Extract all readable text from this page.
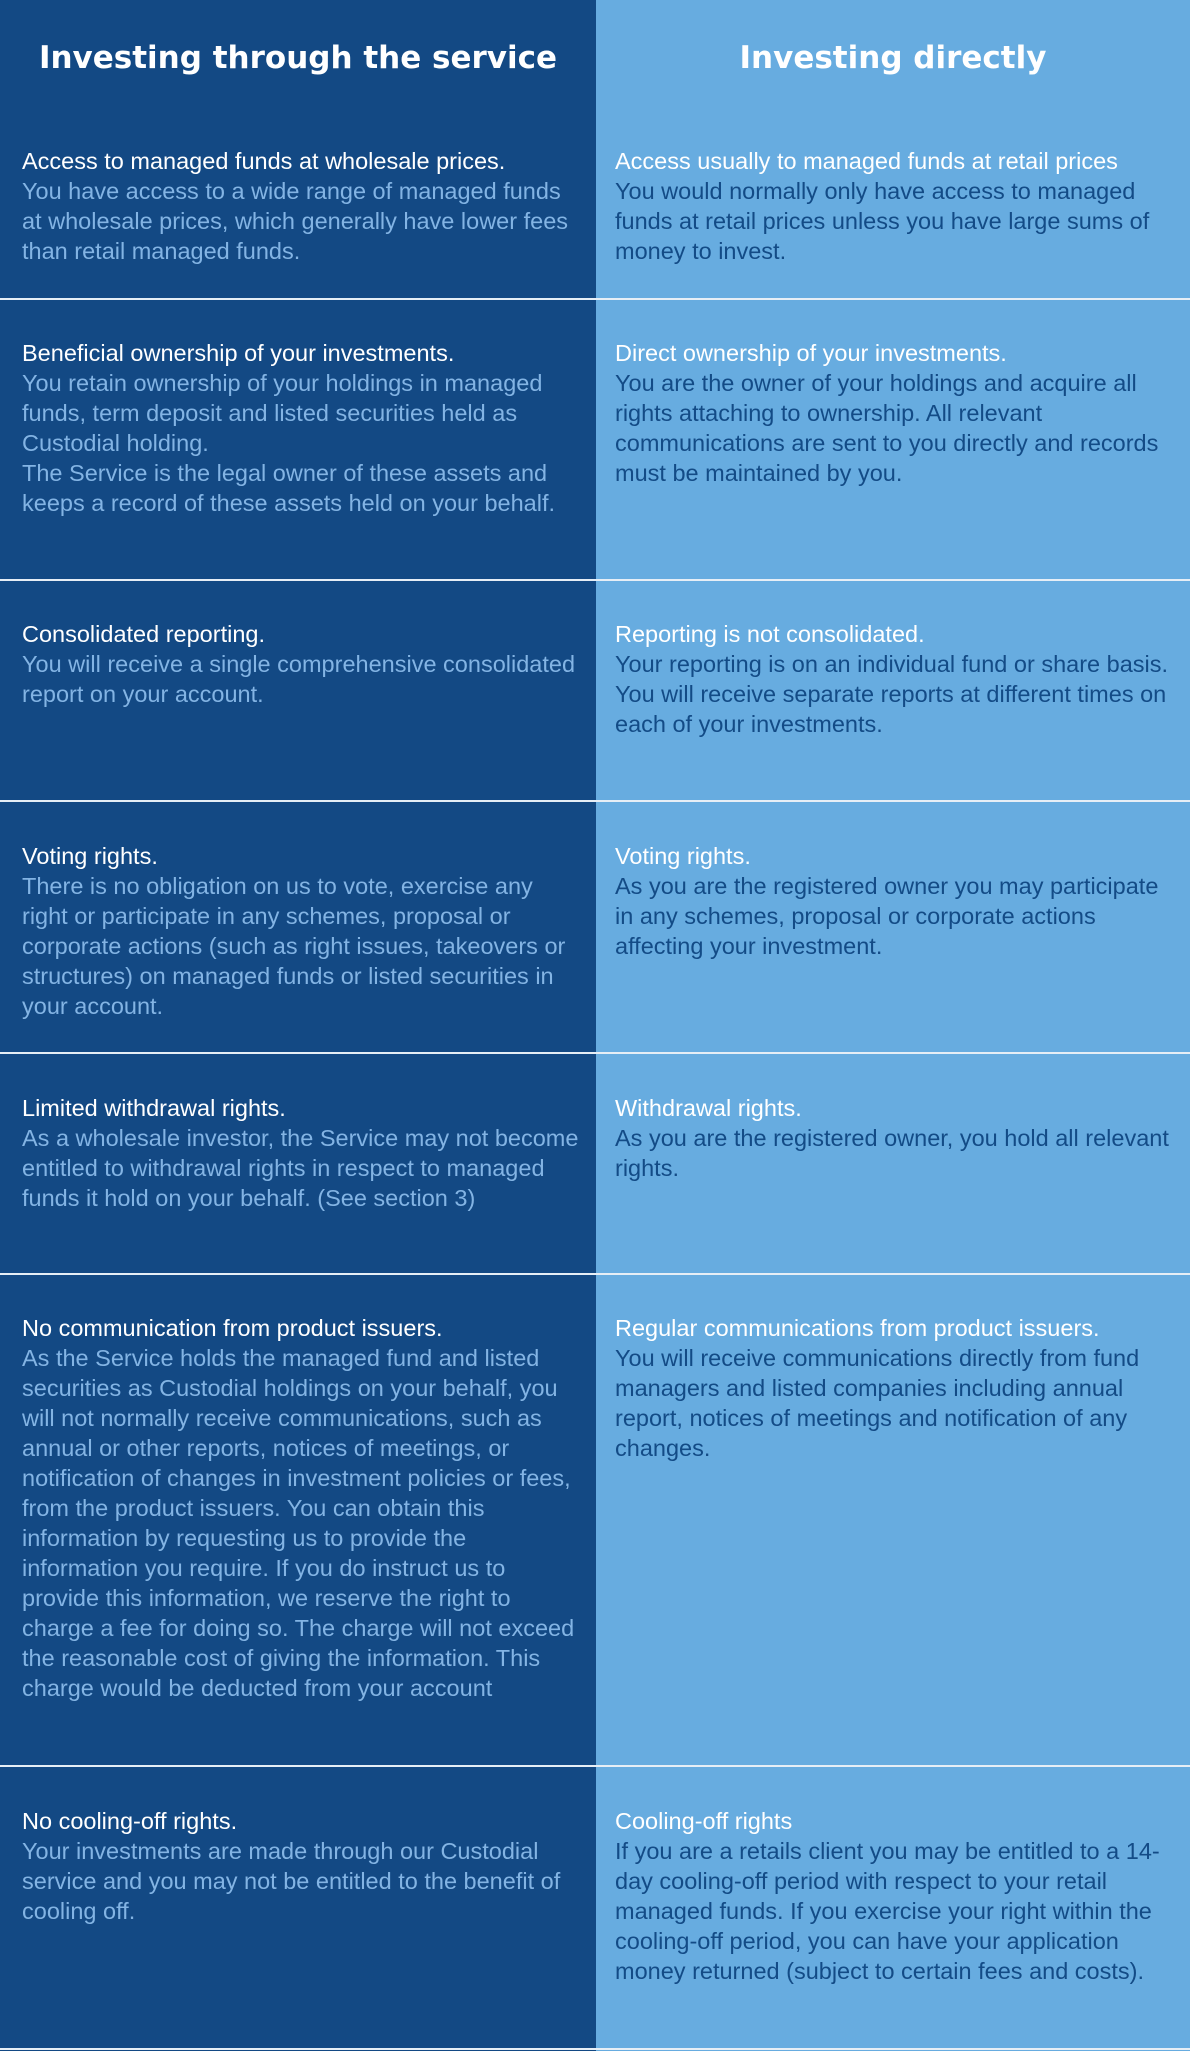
Investing through the service	Investing directly
Access to managed funds at wholesale prices.
You have access to a wide range of managed funds at wholesale prices, which generally have lower fees than retail managed funds.
Access usually to managed funds at retail prices
You would normally only have access to managed funds at retail prices unless you have large sums of money to invest.
Beneficial ownership of your investments.
You retain ownership of your holdings in managed funds, term deposit and listed securities held as Custodial holding.
The Service is the legal owner of these assets and keeps a record of these assets held on your behalf.
Direct ownership of your investments.
You are the owner of your holdings and acquire all rights attaching to ownership. All relevant communications are sent to you directly and records must be maintained by you.
Consolidated reporting.
You will receive a single comprehensive consolidated report on your account.
Reporting is not consolidated.
Your reporting is on an individual fund or share basis.
You will receive separate reports at different times on each of your investments.
Voting rights.
There is no obligation on us to vote, exercise any right or participate in any schemes, proposal or corporate actions (such as right issues, takeovers or structures) on managed funds or listed securities in your account.
Voting rights.
As you are the registered owner you may participate in any schemes, proposal or corporate actions affecting your investment.
Limited withdrawal rights.
As a wholesale investor, the Service may not become entitled to withdrawal rights in respect to managed funds it hold on your behalf. (See section 3)
Withdrawal rights.
As you are the registered owner, you hold all relevant rights.
No communication from product issuers.
As the Service holds the managed fund and listed securities as Custodial holdings on your behalf, you will not normally receive communications, such as annual or other reports, notices of meetings, or notification of changes in investment policies or fees, from the product issuers. You can obtain this information by requesting us to provide the information you require. If you do instruct us to provide this information, we reserve the right to charge a fee for doing so. The charge will not exceed the reasonable cost of giving the information. This charge would be deducted from your account
Regular communications from product issuers.
You will receive communications directly from fund managers and listed companies including annual report, notices of meetings and notification of any changes.
No cooling-off rights.
Your investments are made through our Custodial service and you may not be entitled to the benefit of cooling off.
Cooling-off rights
If you are a retails client you may be entitled to a 14-day cooling-off period with respect to your retail managed funds. If you exercise your right within the cooling-off period, you can have your application money returned (subject to certain fees and costs).
